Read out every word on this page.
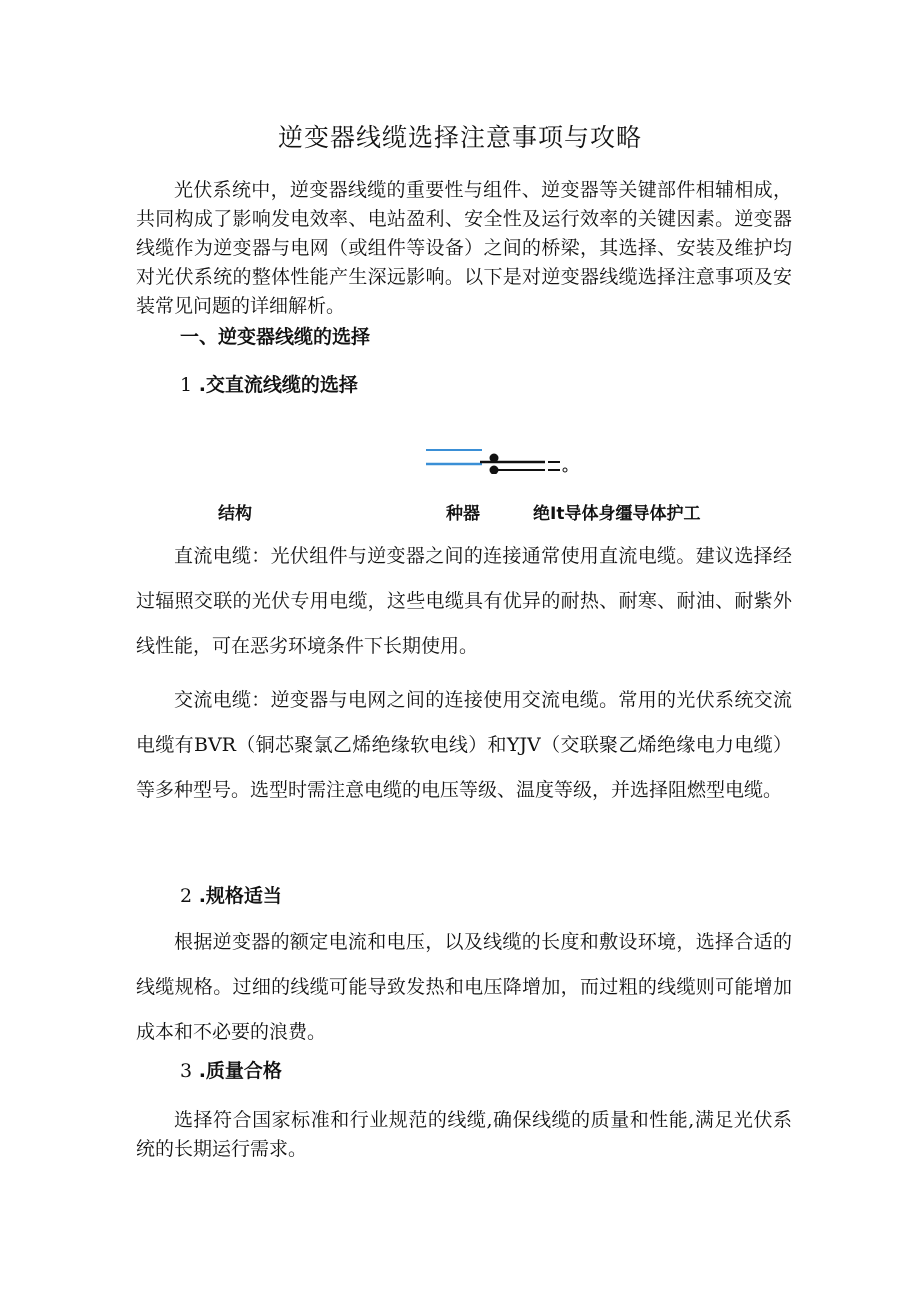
逆变器线缆选择注意事项与攻略

光伏系统中，逆变器线缆的重要性与组件、逆变器等关键部件相辅相成，共同构成了影响发电效率、电站盈利、安全性及运行效率的关键因素。逆变器线缆作为逆变器与电网（或组件等设备）之间的桥梁，其选择、安装及维护均对光伏系统的整体性能产生深远影响。以下是对逆变器线缆选择注意事项及安装常见问题的详细解析。

一、逆变器线缆的选择

1 .交直流线缆的选择

结构	种器	绝It导体身缰导体护工

直流电缆：光伏组件与逆变器之间的连接通常使用直流电缆。建议选择经过辐照交联的光伏专用电缆，这些电缆具有优异的耐热、耐寒、耐油、耐紫外线性能，可在恶劣环境条件下长期使用。

交流电缆：逆变器与电网之间的连接使用交流电缆。常用的光伏系统交流电缆有BVR（铜芯聚氯乙烯绝缘软电线）和YJV（交联聚乙烯绝缘电力电缆）等多种型号。选型时需注意电缆的电压等级、温度等级，并选择阻燃型电缆。

2 .规格适当

根据逆变器的额定电流和电压，以及线缆的长度和敷设环境，选择合适的线缆规格。过细的线缆可能导致发热和电压降增加，而过粗的线缆则可能增加成本和不必要的浪费。

3 .质量合格

选择符合国家标准和行业规范的线缆,确保线缆的质量和性能,满足光伏系统的长期运行需求。
